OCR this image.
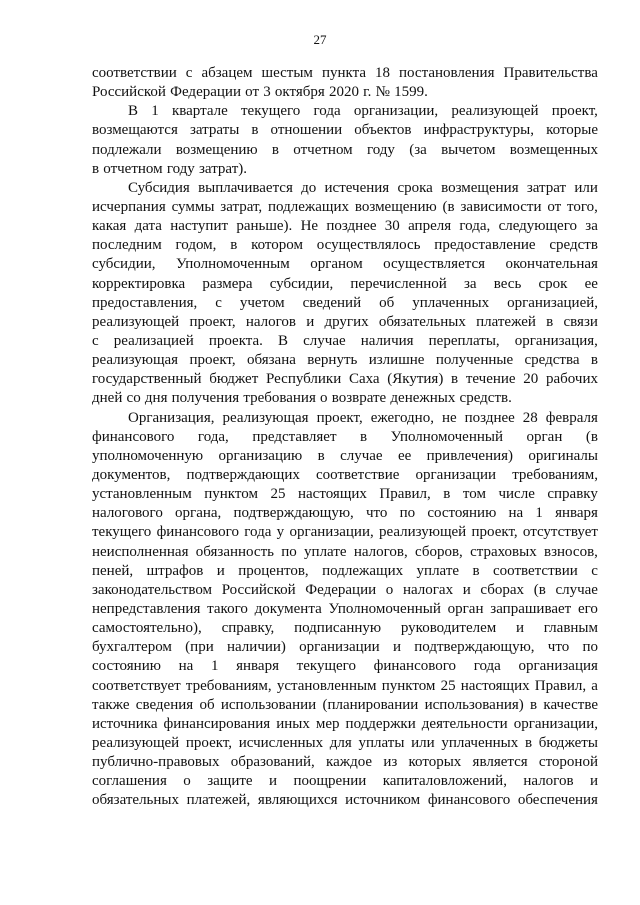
27
соответствии с абзацем шестым пункта 18 постановления Правительства
Российской Федерации от 3 октября 2020 г. № 1599.
В 1 квартале текущего года организации, реализующей проект,
возмещаются затраты в отношении объектов инфраструктуры, которые
подлежали возмещению в отчетном году (за вычетом возмещенных
в отчетном году затрат).
Субсидия выплачивается до истечения срока возмещения затрат или
исчерпания суммы затрат, подлежащих возмещению (в зависимости от того,
какая дата наступит раньше). Не позднее 30 апреля года, следующего за
последним годом, в котором осуществлялось предоставление средств
субсидии, Уполномоченным органом осуществляется окончательная
корректировка размера субсидии, перечисленной за весь срок ее
предоставления, с учетом сведений об уплаченных организацией,
реализующей проект, налогов и других обязательных платежей в связи
с реализацией проекта. В случае наличия переплаты, организация,
реализующая проект, обязана вернуть излишне полученные средства в
государственный бюджет Республики Саха (Якутия) в течение 20 рабочих
дней со дня получения требования о возврате денежных средств.
Организация, реализующая проект, ежегодно, не позднее 28 февраля
финансового года, представляет в Уполномоченный орган (в
уполномоченную организацию в случае ее привлечения) оригиналы
документов, подтверждающих соответствие организации требованиям,
установленным пунктом 25 настоящих Правил, в том числе справку
налогового органа, подтверждающую, что по состоянию на 1 января
текущего финансового года у организации, реализующей проект, отсутствует
неисполненная обязанность по уплате налогов, сборов, страховых взносов,
пеней, штрафов и процентов, подлежащих уплате в соответствии с
законодательством Российской Федерации о налогах и сборах (в случае
непредставления такого документа Уполномоченный орган запрашивает его
самостоятельно), справку, подписанную руководителем и главным
бухгалтером (при наличии) организации и подтверждающую, что по
состоянию на 1 января текущего финансового года организация
соответствует требованиям, установленным пунктом 25 настоящих Правил, а
также сведения об использовании (планировании использования) в качестве
источника финансирования иных мер поддержки деятельности организации,
реализующей проект, исчисленных для уплаты или уплаченных в бюджеты
публично-правовых образований, каждое из которых является стороной
соглашения о защите и поощрении капиталовложений, налогов и
обязательных платежей, являющихся источником финансового обеспечения
